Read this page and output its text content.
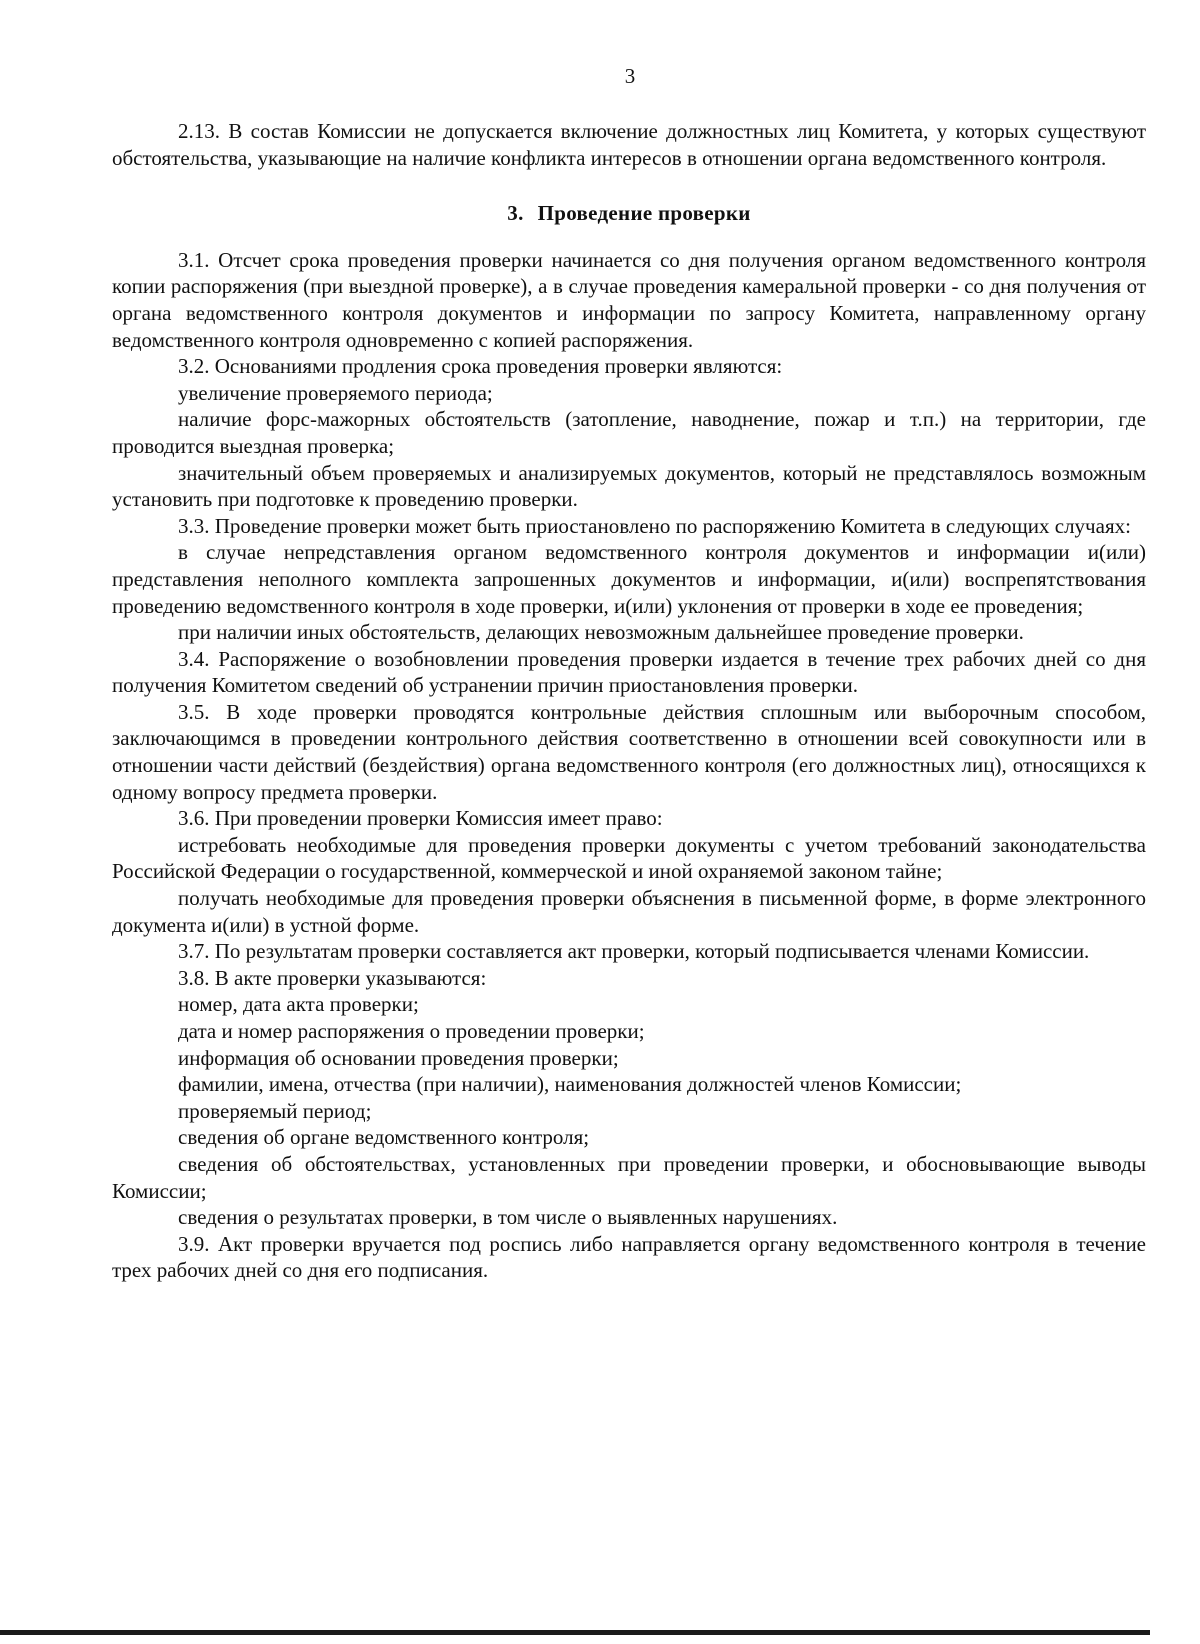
3

2.13. В состав Комиссии не допускается включение должностных лиц Комитета, у которых существуют обстоятельства, указывающие на наличие конфликта интересов в отношении органа ведомственного контроля.

3. Проведение проверки

3.1. Отсчет срока проведения проверки начинается со дня получения органом ведомственного контроля копии распоряжения (при выездной проверке), а в случае проведения камеральной проверки - со дня получения от органа ведомственного контроля документов и информации по запросу Комитета, направленному органу ведомственного контроля одновременно с копией распоряжения.

3.2. Основаниями продления срока проведения проверки являются:

увеличение проверяемого периода;

наличие форс-мажорных обстоятельств (затопление, наводнение, пожар и т.п.) на территории, где проводится выездная проверка;

значительный объем проверяемых и анализируемых документов, который не представлялось возможным установить при подготовке к проведению проверки.

3.3. Проведение проверки может быть приостановлено по распоряжению Комитета в следующих случаях:

в случае непредставления органом ведомственного контроля документов и информации и(или) представления неполного комплекта запрошенных документов и информации, и(или) воспрепятствования проведению ведомственного контроля в ходе проверки, и(или) уклонения от проверки в ходе ее проведения;

при наличии иных обстоятельств, делающих невозможным дальнейшее проведение проверки.

3.4. Распоряжение о возобновлении проведения проверки издается в течение трех рабочих дней со дня получения Комитетом сведений об устранении причин приостановления проверки.

3.5. В ходе проверки проводятся контрольные действия сплошным или выборочным способом, заключающимся в проведении контрольного действия соответственно в отношении всей совокупности или в отношении части действий (бездействия) органа ведомственного контроля (его должностных лиц), относящихся к одному вопросу предмета проверки.

3.6. При проведении проверки Комиссия имеет право:

истребовать необходимые для проведения проверки документы с учетом требований законодательства Российской Федерации о государственной, коммерческой и иной охраняемой законом тайне;

получать необходимые для проведения проверки объяснения в письменной форме, в форме электронного документа и(или) в устной форме.

3.7. По результатам проверки составляется акт проверки, который подписывается членами Комиссии.

3.8. В акте проверки указываются:

номер, дата акта проверки;

дата и номер распоряжения о проведении проверки;

информация об основании проведения проверки;

фамилии, имена, отчества (при наличии), наименования должностей членов Комиссии;

проверяемый период;

сведения об органе ведомственного контроля;

сведения об обстоятельствах, установленных при проведении проверки, и обосновывающие выводы Комиссии;

сведения о результатах проверки, в том числе о выявленных нарушениях.

3.9. Акт проверки вручается под роспись либо направляется органу ведомственного контроля в течение трех рабочих дней со дня его подписания.
